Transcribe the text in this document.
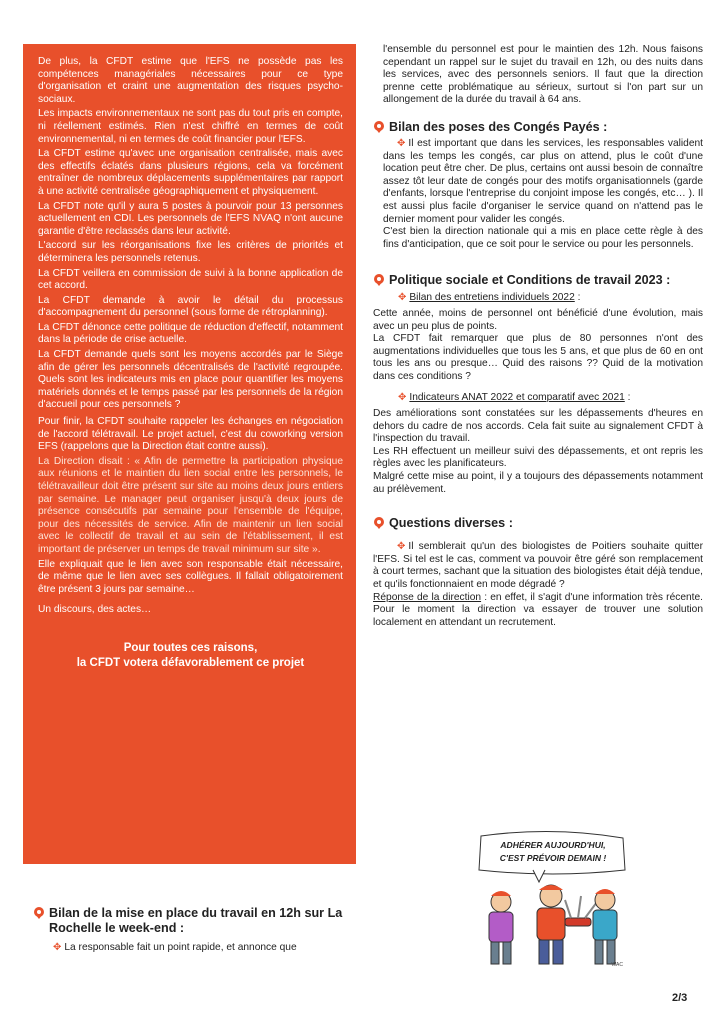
De plus, la CFDT estime que l'EFS ne possède pas les compétences managériales nécessaires pour ce type d'organisation et craint une augmentation des risques psycho-sociaux.

Les impacts environnementaux ne sont pas du tout pris en compte, ni réellement estimés. Rien n'est chiffré en termes de coût environnemental, ni en termes de coût financier pour l'EFS.

La CFDT estime qu'avec une organisation centralisée, mais avec des effectifs éclatés dans plusieurs régions, cela va forcément entraîner de nombreux déplacements supplémentaires par rapport à une activité centralisée géographiquement et physiquement.

La CFDT note qu'il y aura 5 postes à pourvoir pour 13 personnes actuellement en CDI. Les personnels de l'EFS NVAQ n'ont aucune garantie d'être reclassés dans leur activité.

L'accord sur les réorganisations fixe les critères de priorités et déterminera les personnels retenus.

La CFDT veillera en commission de suivi à la bonne application de cet accord.

La CFDT demande à avoir le détail du processus d'accompagnement du personnel (sous forme de rétroplanning).

La CFDT dénonce cette politique de réduction d'effectif, notamment dans la période de crise actuelle.

La CFDT demande quels sont les moyens accordés par le Siège afin de gérer les personnels décentralisés de l'activité regroupée. Quels sont les indicateurs mis en place pour quantifier les moyens matériels donnés et le temps passé par les personnels de la région d'accueil pour ces personnels ?

Pour finir, la CFDT souhaite rappeler les échanges en négociation de l'accord télétravail. Le projet actuel, c'est du coworking version EFS (rappelons que la Direction était contre aussi).

La Direction disait : « Afin de permettre la participation physique aux réunions et le maintien du lien social entre les personnels, le télétravailleur doit être présent sur site au moins deux jours entiers par semaine. Le manager peut organiser jusqu'à deux jours de présence consécutifs par semaine pour l'ensemble de l'équipe, pour des nécessités de service. Afin de maintenir un lien social avec le collectif de travail et au sein de l'établissement, il est important de préserver un temps de travail minimum sur site ».

Elle expliquait que le lien avec son responsable était nécessaire, de même que le lien avec ses collègues. Il fallait obligatoirement être présent 3 jours par semaine…

Un discours, des actes…

Pour toutes ces raisons,
la CFDT votera défavorablement ce projet
Bilan de la mise en place du travail en 12h sur La Rochelle le week-end :

✥ La responsable fait un point rapide, et annonce que

l'ensemble du personnel est pour le maintien des 12h. Nous faisons cependant un rappel sur le sujet du travail en 12h, ou des nuits dans les services, avec des personnels seniors. Il faut que la direction prenne cette problématique au sérieux, surtout si l'on part sur un allongement de la durée du travail à 64 ans.

Bilan des poses des Congés Payés :

✥ Il est important que dans les services, les responsables valident dans les temps les congés, car plus on attend, plus le coût d'une location peut être cher. De plus, certains ont aussi besoin de connaître assez tôt leur date de congés pour des motifs organisationnels (garde d'enfants, lorsque l'entreprise du conjoint impose les congés, etc… ). Il est aussi plus facile d'organiser le service quand on n'attend pas le dernier moment pour valider les congés.

C'est bien la direction nationale qui a mis en place cette règle à des fins d'anticipation, que ce soit pour le service ou pour les personnels.

Politique sociale et Conditions de travail 2023 :

✥ Bilan des entretiens individuels 2022 :

Cette année, moins de personnel ont bénéficié d'une évolution, mais avec un peu plus de points.

La CFDT fait remarquer que plus de 80 personnes n'ont des augmentations individuelles que tous les 5 ans, et que plus de 60 en ont tous les ans ou presque… Quid des raisons ?? Quid de la motivation dans ces conditions ?

✥ Indicateurs ANAT 2022 et comparatif avec 2021 :

Des améliorations sont constatées sur les dépassements d'heures en dehors du cadre de nos accords. Cela fait suite au signalement CFDT à l'inspection du travail.

Les RH effectuent un meilleur suivi des dépassements, et ont repris les règles avec les planificateurs.

Malgré cette mise au point, il y a toujours des dépassements notamment au prélèvement.

Questions diverses :

✥ Il semblerait qu'un des biologistes de Poitiers souhaite quitter l'EFS. Si tel est le cas, comment va pouvoir être géré son remplacement à court termes, sachant que la situation des biologistes était déjà tendue, et qu'ils fonctionnaient en mode dégradé ?

Réponse de la direction : en effet, il s'agit d'une information très récente. Pour le moment la direction va essayer de trouver une solution localement en attendant un recrutement.

ADHÉRER AUJOURD'HUI,
C'EST PRÉVOIR DEMAIN !
WAC
2/3
